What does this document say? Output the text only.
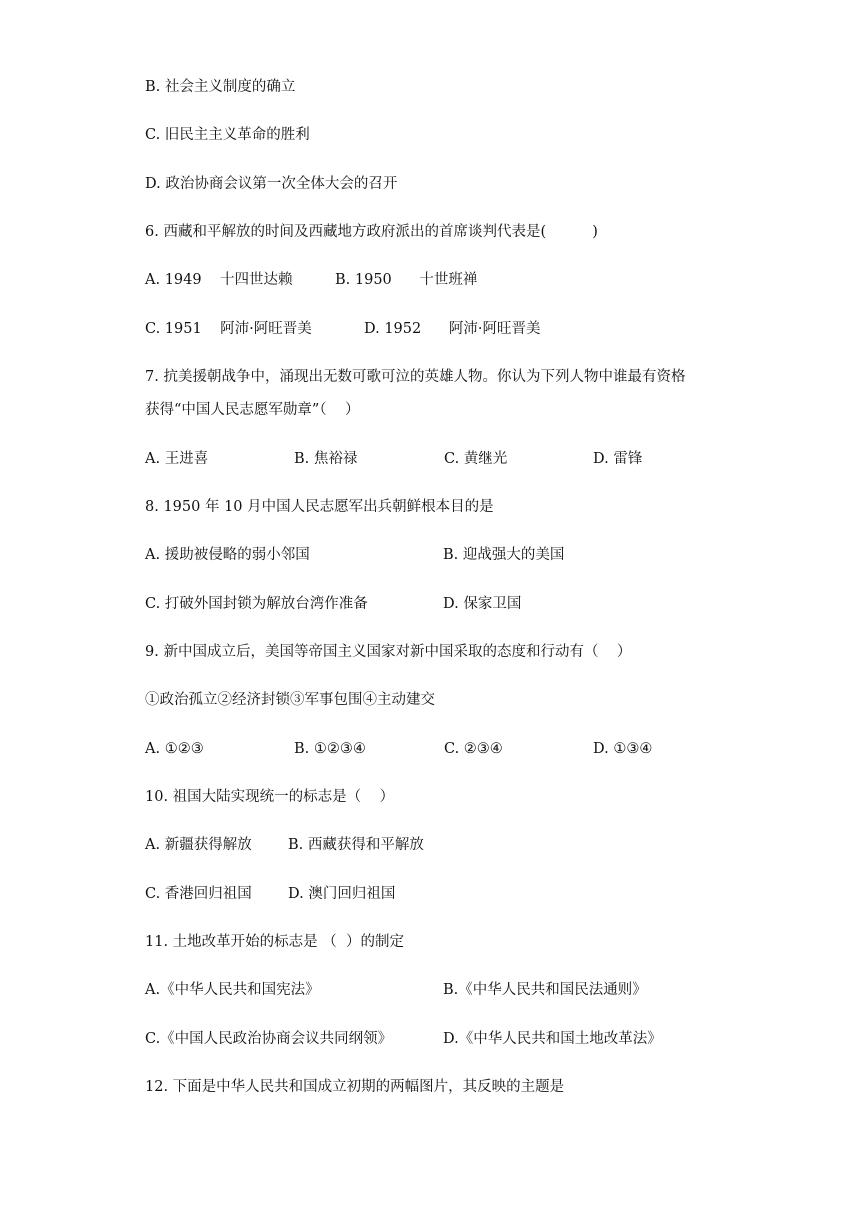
B. 社会主义制度的确立
C. 旧民主主义革命的胜利
D. 政治协商会议第一次全体大会的召开
6. 西藏和平解放的时间及西藏地方政府派出的首席谈判代表是(          )
A. 1949    十四世达赖	B. 1950      十世班禅
C. 1951    阿沛·阿旺晋美	D. 1952      阿沛·阿旺晋美
7. 抗美援朝战争中，涌现出无数可歌可泣的英雄人物。你认为下列人物中谁最有资格
获得“中国人民志愿军勋章”（    ）
A. 王进喜	B. 焦裕禄	C. 黄继光	D. 雷锋
8. 1950 年 10 月中国人民志愿军出兵朝鲜根本目的是
A. 援助被侵略的弱小邻国	B. 迎战强大的美国
C. 打破外国封锁为解放台湾作准备	D. 保家卫国
9. 新中国成立后，美国等帝国主义国家对新中国采取的态度和行动有（    ）
①政治孤立②经济封锁③军事包围④主动建交
A. ①②③	B. ①②③④	C. ②③④	D. ①③④
10. 祖国大陆实现统一的标志是（    ）
A. 新疆获得解放	B. 西藏获得和平解放
C. 香港回归祖国 D. 澳门回归祖国
11. 土地改革开始的标志是 （  ）的制定
A.《中华人民共和国宪法》	B.《中华人民共和国民法通则》
C.《中国人民政治协商会议共同纲领》	D.《中华人民共和国土地改革法》
12. 下面是中华人民共和国成立初期的两幅图片，其反映的主题是
